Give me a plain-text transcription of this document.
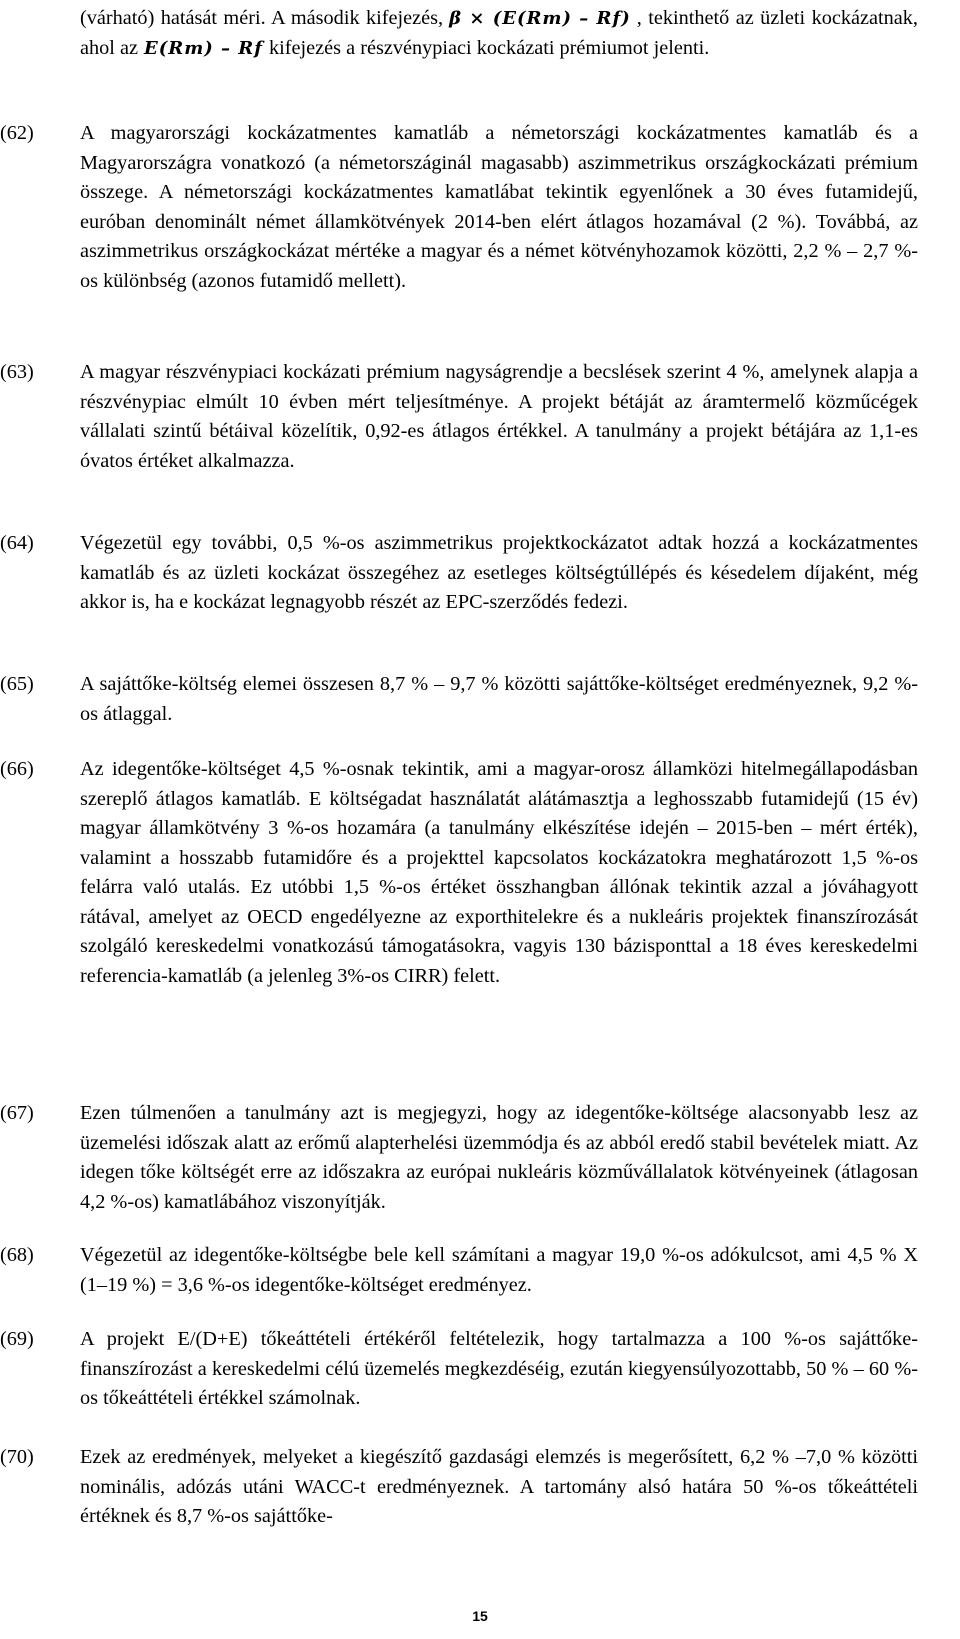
(várható) hatását méri. A második kifejezés, β × (E(Rm) – Rf) , tekinthető az üzleti kockázatnak, ahol az E(Rm) – Rf kifejezés a részvénypiaci kockázati prémiumot jelenti.
(62)	A magyarországi kockázatmentes kamatláb a németországi kockázatmentes kamatláb és a Magyarországra vonatkozó (a németországinál magasabb) aszimmetrikus országkockázati prémium összege. A németországi kockázatmentes kamatlábat tekintik egyenlőnek a 30 éves futamidejű, euróban denominált német államkötvények 2014-ben elért átlagos hozamával (2 %). Továbbá, az aszimmetrikus országkockázat mértéke a magyar és a német kötvényhozamok közötti, 2,2 % – 2,7 %-os különbség (azonos futamidő mellett).
(63)	A magyar részvénypiaci kockázati prémium nagyságrendje a becslések szerint 4 %, amelynek alapja a részvénypiac elmúlt 10 évben mért teljesítménye. A projekt bétáját az áramtermelő közműcégek vállalati szintű bétáival közelítik, 0,92-es átlagos értékkel. A tanulmány a projekt bétájára az 1,1-es óvatos értéket alkalmazza.
(64)	Végezetül egy további, 0,5 %-os aszimmetrikus projektkockázatot adtak hozzá a kockázatmentes kamatláb és az üzleti kockázat összegéhez az esetleges költségtúllépés és késedelem díjaként, még akkor is, ha e kockázat legnagyobb részét az EPC-szerződés fedezi.
(65)	A sajáttőke-költség elemei összesen 8,7 % – 9,7 % közötti sajáttőke-költséget eredményeznek, 9,2 %-os átlaggal.
(66)	Az idegentőke-költséget 4,5 %-osnak tekintik, ami a magyar-orosz államközi hitelmegállapodásban szereplő átlagos kamatláb. E költségadat használatát alátámasztja a leghosszabb futamidejű (15 év) magyar államkötvény 3 %-os hozamára (a tanulmány elkészítése idején – 2015-ben – mért érték), valamint a hosszabb futamidőre és a projekttel kapcsolatos kockázatokra meghatározott 1,5 %-os felárra való utalás. Ez utóbbi 1,5 %-os értéket összhangban állónak tekintik azzal a jóváhagyott rátával, amelyet az OECD engedélyezne az exporthitelekre és a nukleáris projektek finanszírozását szolgáló kereskedelmi vonatkozású támogatásokra, vagyis 130 bázisponttal a 18 éves kereskedelmi referencia-kamatláb (a jelenleg 3%-os CIRR) felett.
(67)	Ezen túlmenően a tanulmány azt is megjegyzi, hogy az idegentőke-költsége alacsonyabb lesz az üzemelési időszak alatt az erőmű alapterhelési üzemmódja és az abból eredő stabil bevételek miatt. Az idegen tőke költségét erre az időszakra az európai nukleáris közművállalatok kötvényeinek (átlagosan 4,2 %-os) kamatlábához viszonyítják.
(68)	Végezetül az idegentőke-költségbe bele kell számítani a magyar 19,0 %-os adókulcsot, ami 4,5 % X (1–19 %) = 3,6 %-os idegentőke-költséget eredményez.
(69)	A projekt E/(D+E) tőkeáttételi értékéről feltételezik, hogy tartalmazza a 100 %-os sajáttőke-finanszírozást a kereskedelmi célú üzemelés megkezdéséig, ezután kiegyensúlyozottabb, 50 % – 60 %-os tőkeáttételi értékkel számolnak.
(70)	Ezek az eredmények, melyeket a kiegészítő gazdasági elemzés is megerősített, 6,2 % –7,0 % közötti nominális, adózás utáni WACC-t eredményeznek. A tartomány alsó határa 50 %-os tőkeáttételi értéknek és 8,7 %-os sajáttőke-
15
